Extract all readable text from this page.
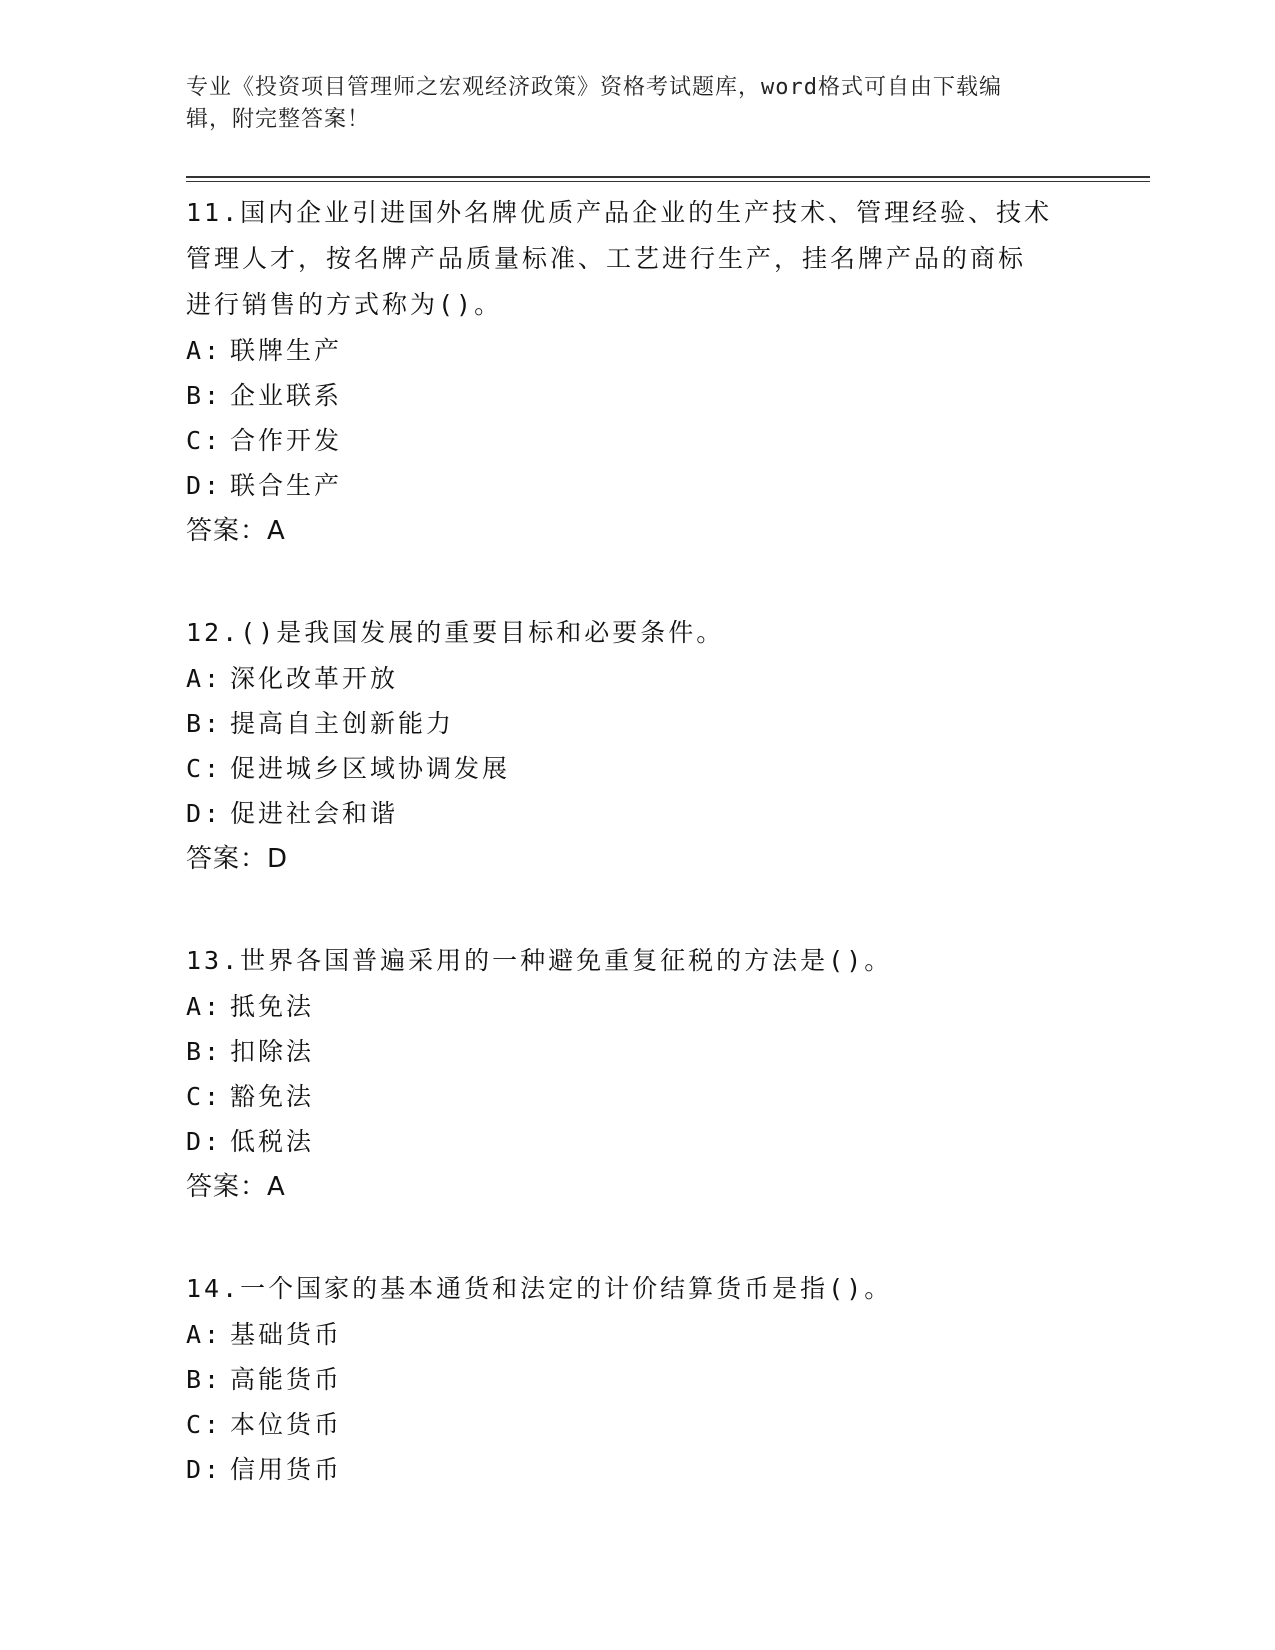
专业《投资项目管理师之宏观经济政策》资格考试题库，word格式可自由下载编
辑，附完整答案！
11.国内企业引进国外名牌优质产品企业的生产技术、管理经验、技术
管理人才，按名牌产品质量标准、工艺进行生产，挂名牌产品的商标
进行销售的方式称为()。
A: 联牌生产
B: 企业联系
C: 合作开发
D: 联合生产
答案：A
12.()是我国发展的重要目标和必要条件。
A: 深化改革开放
B: 提高自主创新能力
C: 促进城乡区域协调发展
D: 促进社会和谐
答案：D
13.世界各国普遍采用的一种避免重复征税的方法是()。
A: 抵免法
B: 扣除法
C: 豁免法
D: 低税法
答案：A
14.一个国家的基本通货和法定的计价结算货币是指()。
A: 基础货币
B: 高能货币
C: 本位货币
D: 信用货币
